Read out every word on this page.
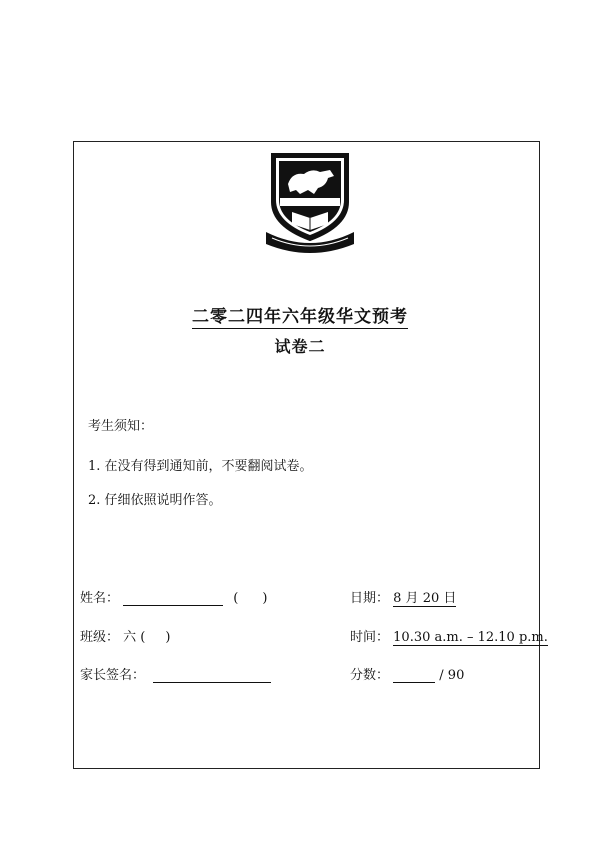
二零二四年六年级华文预考
试卷二
考生须知：
1. 在没有得到通知前，不要翻阅试卷。
2. 仔细依照说明作答。
姓名：	( )
班级： 六 ( )
家长签名：
日期： 8 月 20 日
时间： 10.30 a.m. – 12.10 p.m.
分数：	/ 90
